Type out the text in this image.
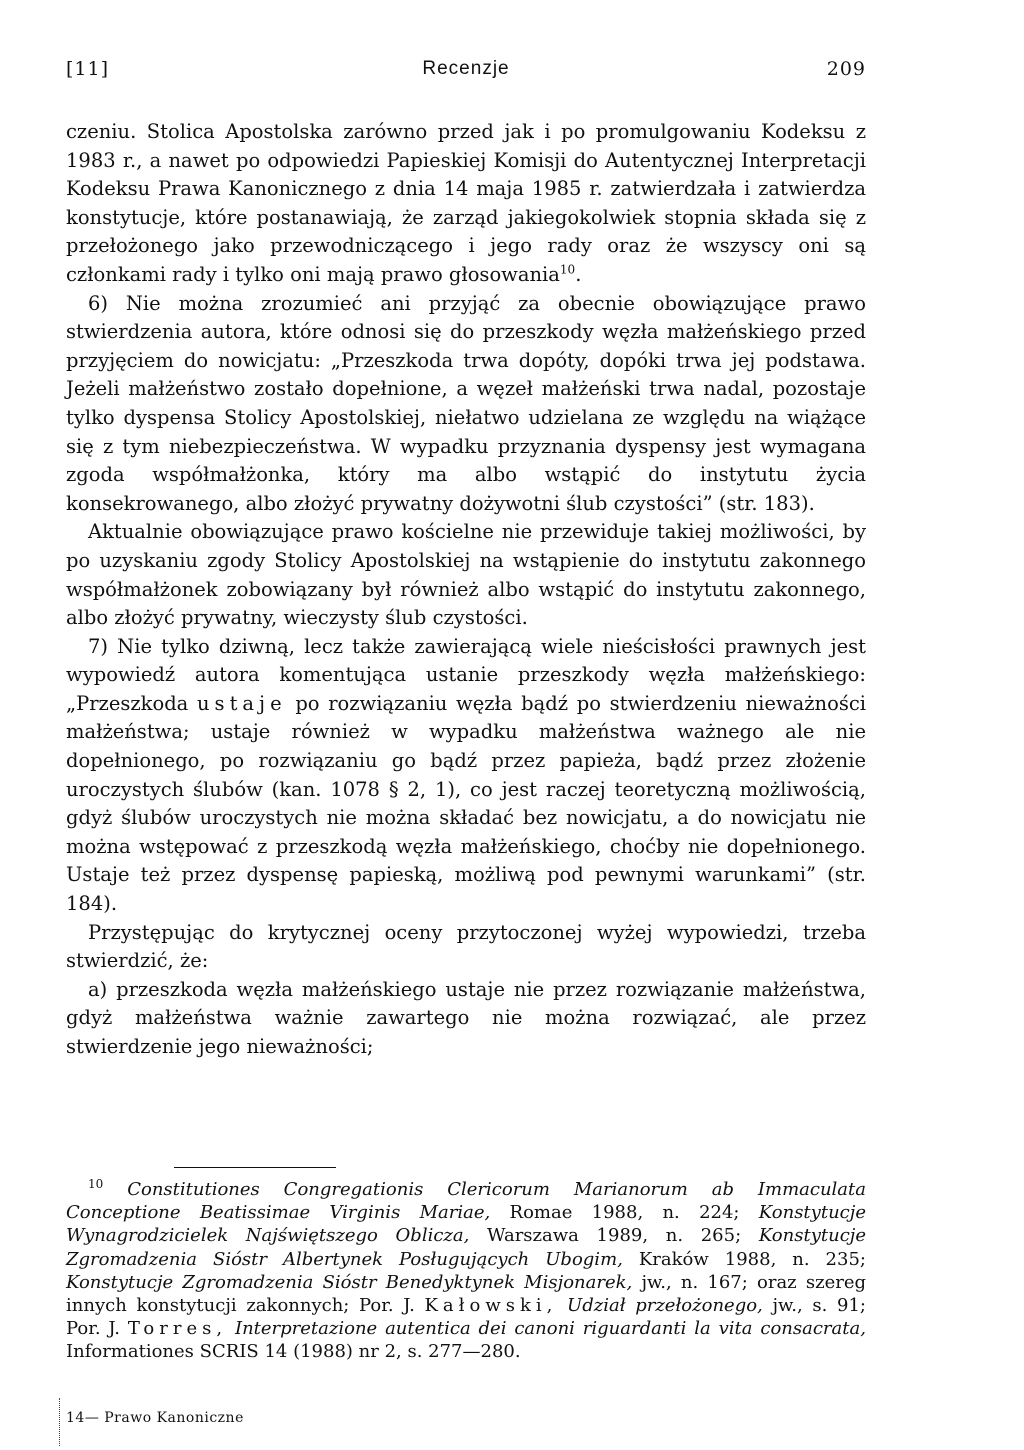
[11]	Recenzje	209

czeniu. Stolica Apostolska zarówno przed jak i po promulgowaniu Kodeksu z 1983 r., a nawet po odpowiedzi Papieskiej Komisji do Autentycznej Interpretacji Kodeksu Prawa Kanonicznego z dnia 14 maja 1985 r. zatwierdzała i zatwierdza konstytucje, które postanawiają, że zarząd jakiegokolwiek stopnia składa się z przełożonego jako przewodniczącego i jego rady oraz że wszyscy oni są członkami rady i tylko oni mają prawo głosowania$^{10}$.

6) Nie można zrozumieć ani przyjąć za obecnie obowiązujące prawo stwierdzenia autora, które odnosi się do przeszkody węzła małżeńskiego przed przyjęciem do nowicjatu: „Przeszkoda trwa dopóty, dopóki trwa jej podstawa. Jeżeli małżeństwo zostało dopełnione, a węzeł małżeński trwa nadal, pozostaje tylko dyspensa Stolicy Apostolskiej, niełatwo udzielana ze względu na wiążące się z tym niebezpieczeństwa. W wypadku przyznania dyspensy jest wymagana zgoda współmałżonka, który ma albo wstąpić do instytutu życia konsekrowanego, albo złożyć prywatny dożywotni ślub czystości” (str. 183).

Aktualnie obowiązujące prawo kościelne nie przewiduje takiej możliwości, by po uzyskaniu zgody Stolicy Apostolskiej na wstąpienie do instytutu zakonnego współmałżonek zobowiązany był również albo wstąpić do instytutu zakonnego, albo złożyć prywatny, wieczysty ślub czystości.

7) Nie tylko dziwną, lecz także zawierającą wiele nieścisłości prawnych jest wypowiedź autora komentująca ustanie przeszkody węzła małżeńskiego: „Przeszkoda ustaje po rozwiązaniu węzła bądź po stwierdzeniu nieważności małżeństwa; ustaje również w wypadku małżeństwa ważnego ale nie dopełnionego, po rozwiązaniu go bądź przez papieża, bądź przez złożenie uroczystych ślubów (kan. 1078 § 2, 1), co jest raczej teoretyczną możliwością, gdyż ślubów uroczystych nie można składać bez nowicjatu, a do nowicjatu nie można wstępować z przeszkodą węzła małżeńskiego, choćby nie dopełnionego. Ustaje też przez dyspensę papieską, możliwą pod pewnymi warunkami” (str. 184).

Przystępując do krytycznej oceny przytoczonej wyżej wypowiedzi, trzeba stwierdzić, że:

a) przeszkoda węzła małżeńskiego ustaje nie przez rozwiązanie małżeństwa, gdyż małżeństwa ważnie zawartego nie można rozwiązać, ale przez stwierdzenie jego nieważności;

$^{10}$ Constitutiones Congregationis Clericorum Marianorum ab Immaculata Conceptione Beatissimae Virginis Mariae, Romae 1988, n. 224; Konstytucje Wynagrodzicielek Najświętszego Oblicza, Warszawa 1989, n. 265; Konstytucje Zgromadzenia Sióstr Albertynek Posługujących Ubogim, Kraków 1988, n. 235; Konstytucje Zgromadzenia Sióstr Benedyktynek Misjonarek, jw., n. 167; oraz szereg innych konstytucji zakonnych; Por. J. Kałowski, Udział przełożonego, jw., s. 91; Por. J. Torres, Interpretazione autentica dei canoni riguardanti la vita consacrata, Informationes SCRIS 14 (1988) nr 2, s. 277—280.

14— Prawo Kanoniczne
